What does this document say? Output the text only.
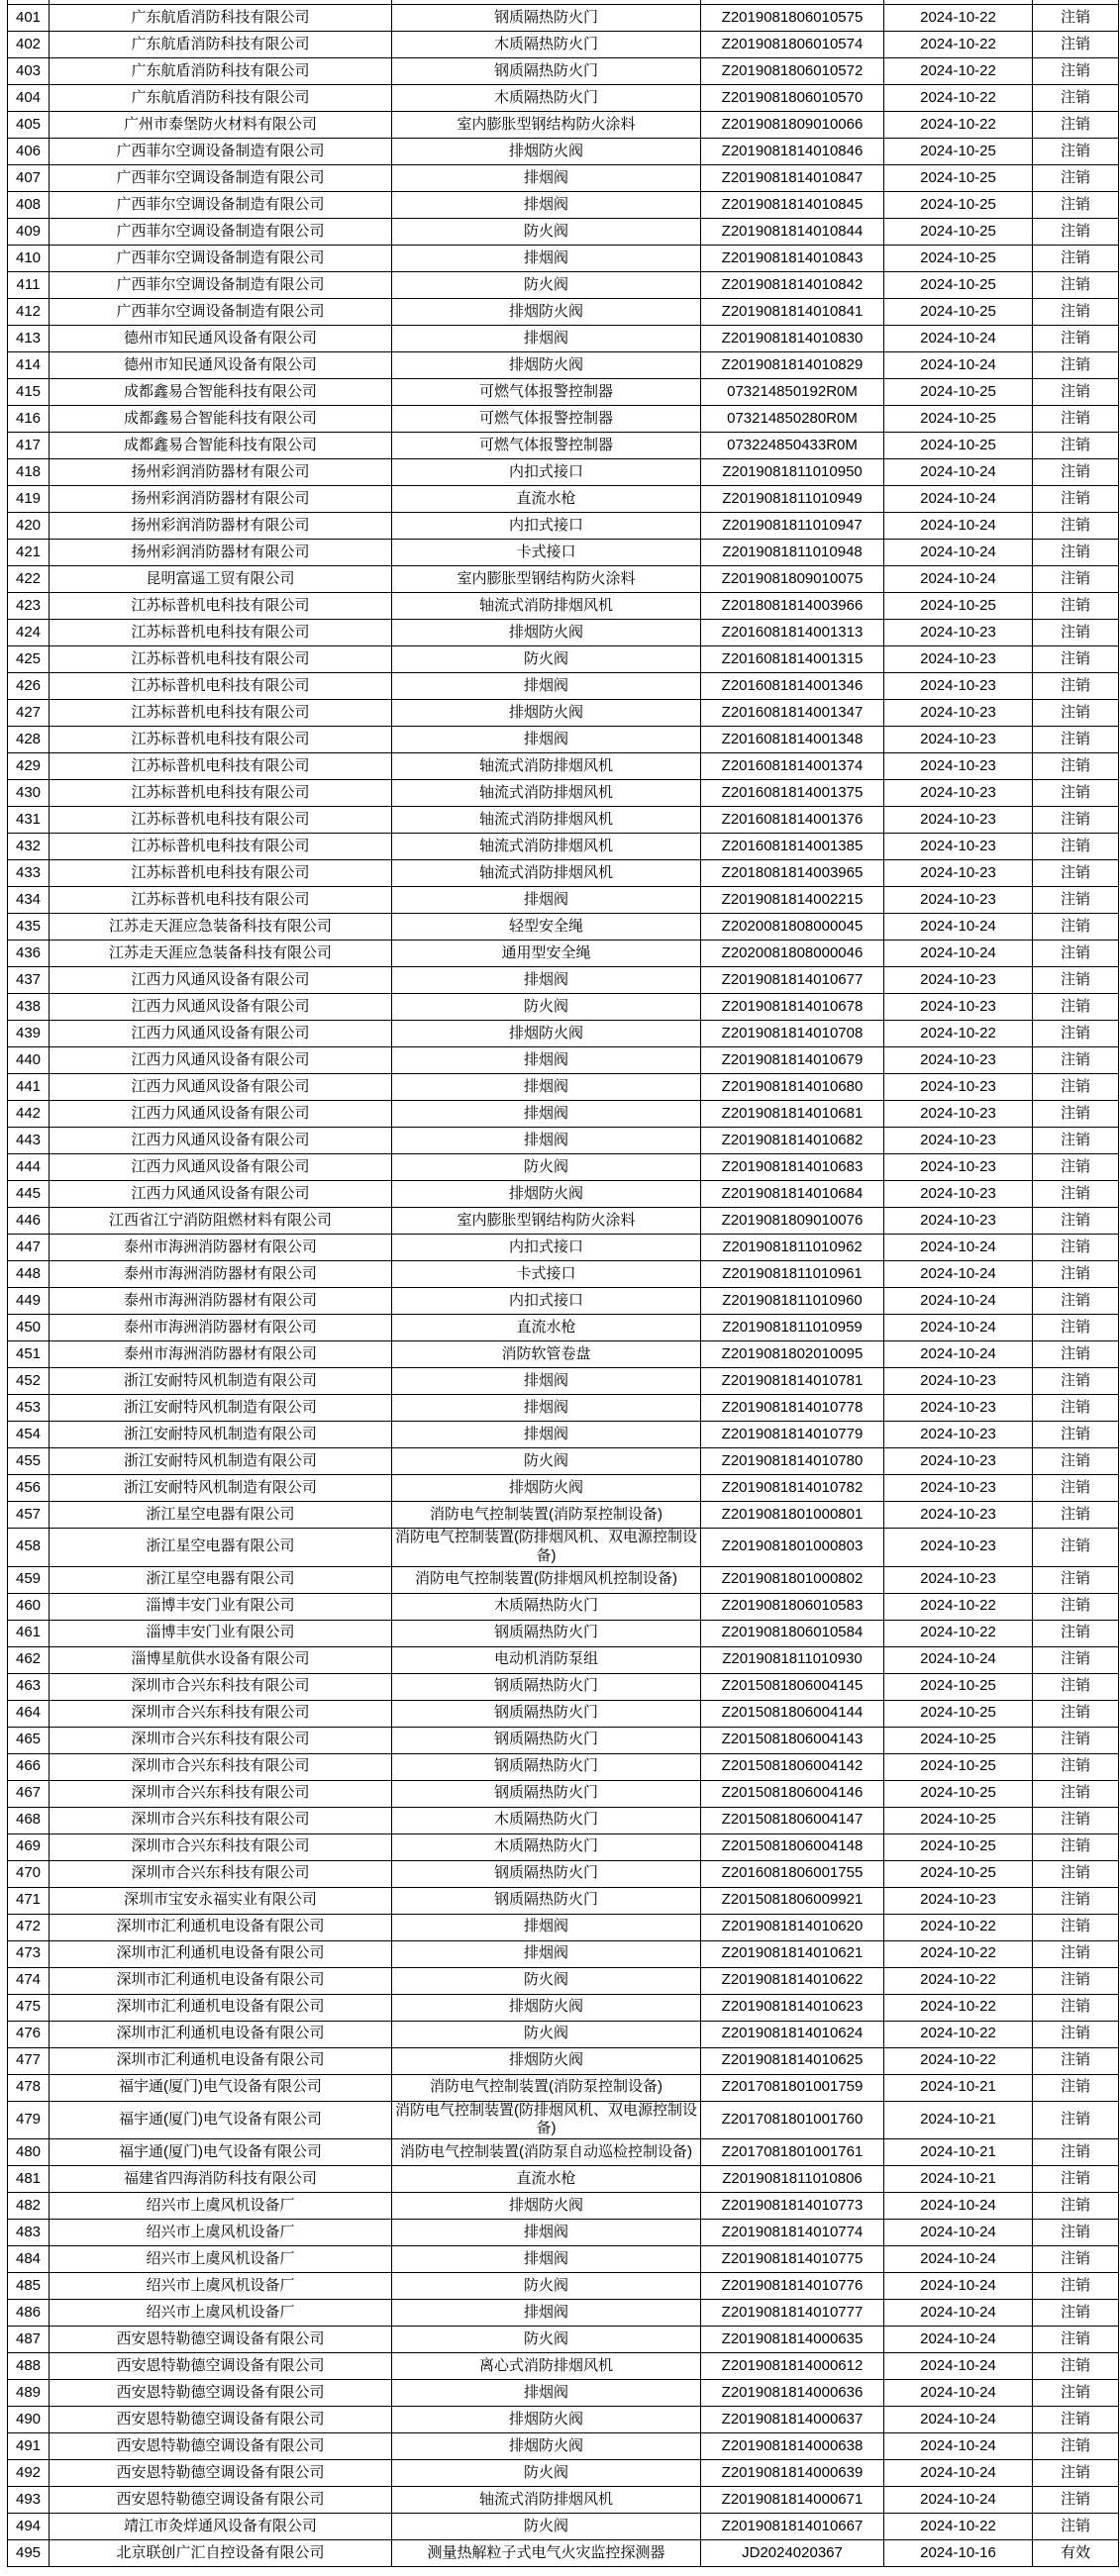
401	广东航盾消防科技有限公司	钢质隔热防火门	Z2019081806010575	2024-10-22	注销
402	广东航盾消防科技有限公司	木质隔热防火门	Z2019081806010574	2024-10-22	注销
403	广东航盾消防科技有限公司	钢质隔热防火门	Z2019081806010572	2024-10-22	注销
404	广东航盾消防科技有限公司	木质隔热防火门	Z2019081806010570	2024-10-22	注销
405	广州市泰堡防火材料有限公司	室内膨胀型钢结构防火涂料	Z2019081809010066	2024-10-22	注销
406	广西菲尔空调设备制造有限公司	排烟防火阀	Z2019081814010846	2024-10-25	注销
407	广西菲尔空调设备制造有限公司	排烟阀	Z2019081814010847	2024-10-25	注销
408	广西菲尔空调设备制造有限公司	排烟阀	Z2019081814010845	2024-10-25	注销
409	广西菲尔空调设备制造有限公司	防火阀	Z2019081814010844	2024-10-25	注销
410	广西菲尔空调设备制造有限公司	排烟阀	Z2019081814010843	2024-10-25	注销
411	广西菲尔空调设备制造有限公司	防火阀	Z2019081814010842	2024-10-25	注销
412	广西菲尔空调设备制造有限公司	排烟防火阀	Z2019081814010841	2024-10-25	注销
413	德州市知民通风设备有限公司	排烟阀	Z2019081814010830	2024-10-24	注销
414	德州市知民通风设备有限公司	排烟防火阀	Z2019081814010829	2024-10-24	注销
415	成都鑫易合智能科技有限公司	可燃气体报警控制器	073214850192R0M	2024-10-25	注销
416	成都鑫易合智能科技有限公司	可燃气体报警控制器	073214850280R0M	2024-10-25	注销
417	成都鑫易合智能科技有限公司	可燃气体报警控制器	073224850433R0M	2024-10-25	注销
418	扬州彩润消防器材有限公司	内扣式接口	Z2019081811010950	2024-10-24	注销
419	扬州彩润消防器材有限公司	直流水枪	Z2019081811010949	2024-10-24	注销
420	扬州彩润消防器材有限公司	内扣式接口	Z2019081811010947	2024-10-24	注销
421	扬州彩润消防器材有限公司	卡式接口	Z2019081811010948	2024-10-24	注销
422	昆明富遥工贸有限公司	室内膨胀型钢结构防火涂料	Z2019081809010075	2024-10-24	注销
423	江苏标普机电科技有限公司	轴流式消防排烟风机	Z2018081814003966	2024-10-25	注销
424	江苏标普机电科技有限公司	排烟防火阀	Z2016081814001313	2024-10-23	注销
425	江苏标普机电科技有限公司	防火阀	Z2016081814001315	2024-10-23	注销
426	江苏标普机电科技有限公司	排烟阀	Z2016081814001346	2024-10-23	注销
427	江苏标普机电科技有限公司	排烟防火阀	Z2016081814001347	2024-10-23	注销
428	江苏标普机电科技有限公司	排烟阀	Z2016081814001348	2024-10-23	注销
429	江苏标普机电科技有限公司	轴流式消防排烟风机	Z2016081814001374	2024-10-23	注销
430	江苏标普机电科技有限公司	轴流式消防排烟风机	Z2016081814001375	2024-10-23	注销
431	江苏标普机电科技有限公司	轴流式消防排烟风机	Z2016081814001376	2024-10-23	注销
432	江苏标普机电科技有限公司	轴流式消防排烟风机	Z2016081814001385	2024-10-23	注销
433	江苏标普机电科技有限公司	轴流式消防排烟风机	Z2018081814003965	2024-10-23	注销
434	江苏标普机电科技有限公司	排烟阀	Z2019081814002215	2024-10-23	注销
435	江苏走天涯应急装备科技有限公司	轻型安全绳	Z2020081808000045	2024-10-24	注销
436	江苏走天涯应急装备科技有限公司	通用型安全绳	Z2020081808000046	2024-10-24	注销
437	江西力风通风设备有限公司	排烟阀	Z2019081814010677	2024-10-23	注销
438	江西力风通风设备有限公司	防火阀	Z2019081814010678	2024-10-23	注销
439	江西力风通风设备有限公司	排烟防火阀	Z2019081814010708	2024-10-22	注销
440	江西力风通风设备有限公司	排烟阀	Z2019081814010679	2024-10-23	注销
441	江西力风通风设备有限公司	排烟阀	Z2019081814010680	2024-10-23	注销
442	江西力风通风设备有限公司	排烟阀	Z2019081814010681	2024-10-23	注销
443	江西力风通风设备有限公司	排烟阀	Z2019081814010682	2024-10-23	注销
444	江西力风通风设备有限公司	防火阀	Z2019081814010683	2024-10-23	注销
445	江西力风通风设备有限公司	排烟防火阀	Z2019081814010684	2024-10-23	注销
446	江西省江宁消防阻燃材料有限公司	室内膨胀型钢结构防火涂料	Z2019081809010076	2024-10-23	注销
447	泰州市海洲消防器材有限公司	内扣式接口	Z2019081811010962	2024-10-24	注销
448	泰州市海洲消防器材有限公司	卡式接口	Z2019081811010961	2024-10-24	注销
449	泰州市海洲消防器材有限公司	内扣式接口	Z2019081811010960	2024-10-24	注销
450	泰州市海洲消防器材有限公司	直流水枪	Z2019081811010959	2024-10-24	注销
451	泰州市海洲消防器材有限公司	消防软管卷盘	Z2019081802010095	2024-10-24	注销
452	浙江安耐特风机制造有限公司	排烟阀	Z2019081814010781	2024-10-23	注销
453	浙江安耐特风机制造有限公司	排烟阀	Z2019081814010778	2024-10-23	注销
454	浙江安耐特风机制造有限公司	排烟阀	Z2019081814010779	2024-10-23	注销
455	浙江安耐特风机制造有限公司	防火阀	Z2019081814010780	2024-10-23	注销
456	浙江安耐特风机制造有限公司	排烟防火阀	Z2019081814010782	2024-10-23	注销
457	浙江星空电器有限公司	消防电气控制装置(消防泵控制设备)	Z2019081801000801	2024-10-23	注销
458	浙江星空电器有限公司	消防电气控制装置(防排烟风机、双电源控制设备)	Z2019081801000803	2024-10-23	注销
459	浙江星空电器有限公司	消防电气控制装置(防排烟风机控制设备)	Z2019081801000802	2024-10-23	注销
460	淄博丰安门业有限公司	木质隔热防火门	Z2019081806010583	2024-10-22	注销
461	淄博丰安门业有限公司	钢质隔热防火门	Z2019081806010584	2024-10-22	注销
462	淄博星航供水设备有限公司	电动机消防泵组	Z2019081811010930	2024-10-24	注销
463	深圳市合兴东科技有限公司	钢质隔热防火门	Z2015081806004145	2024-10-25	注销
464	深圳市合兴东科技有限公司	钢质隔热防火门	Z2015081806004144	2024-10-25	注销
465	深圳市合兴东科技有限公司	钢质隔热防火门	Z2015081806004143	2024-10-25	注销
466	深圳市合兴东科技有限公司	钢质隔热防火门	Z2015081806004142	2024-10-25	注销
467	深圳市合兴东科技有限公司	钢质隔热防火门	Z2015081806004146	2024-10-25	注销
468	深圳市合兴东科技有限公司	木质隔热防火门	Z2015081806004147	2024-10-25	注销
469	深圳市合兴东科技有限公司	木质隔热防火门	Z2015081806004148	2024-10-25	注销
470	深圳市合兴东科技有限公司	钢质隔热防火门	Z2016081806001755	2024-10-25	注销
471	深圳市宝安永福实业有限公司	钢质隔热防火门	Z2015081806009921	2024-10-23	注销
472	深圳市汇利通机电设备有限公司	排烟阀	Z2019081814010620	2024-10-22	注销
473	深圳市汇利通机电设备有限公司	排烟阀	Z2019081814010621	2024-10-22	注销
474	深圳市汇利通机电设备有限公司	防火阀	Z2019081814010622	2024-10-22	注销
475	深圳市汇利通机电设备有限公司	排烟防火阀	Z2019081814010623	2024-10-22	注销
476	深圳市汇利通机电设备有限公司	防火阀	Z2019081814010624	2024-10-22	注销
477	深圳市汇利通机电设备有限公司	排烟防火阀	Z2019081814010625	2024-10-22	注销
478	福宇通(厦门)电气设备有限公司	消防电气控制装置(消防泵控制设备)	Z2017081801001759	2024-10-21	注销
479	福宇通(厦门)电气设备有限公司	消防电气控制装置(防排烟风机、双电源控制设备)	Z2017081801001760	2024-10-21	注销
480	福宇通(厦门)电气设备有限公司	消防电气控制装置(消防泵自动巡检控制设备)	Z2017081801001761	2024-10-21	注销
481	福建省四海消防科技有限公司	直流水枪	Z2019081811010806	2024-10-21	注销
482	绍兴市上虞风机设备厂	排烟防火阀	Z2019081814010773	2024-10-24	注销
483	绍兴市上虞风机设备厂	排烟阀	Z2019081814010774	2024-10-24	注销
484	绍兴市上虞风机设备厂	排烟阀	Z2019081814010775	2024-10-24	注销
485	绍兴市上虞风机设备厂	防火阀	Z2019081814010776	2024-10-24	注销
486	绍兴市上虞风机设备厂	排烟阀	Z2019081814010777	2024-10-24	注销
487	西安恩特勒德空调设备有限公司	防火阀	Z2019081814000635	2024-10-24	注销
488	西安恩特勒德空调设备有限公司	离心式消防排烟风机	Z2019081814000612	2024-10-24	注销
489	西安恩特勒德空调设备有限公司	排烟阀	Z2019081814000636	2024-10-24	注销
490	西安恩特勒德空调设备有限公司	排烟防火阀	Z2019081814000637	2024-10-24	注销
491	西安恩特勒德空调设备有限公司	排烟防火阀	Z2019081814000638	2024-10-24	注销
492	西安恩特勒德空调设备有限公司	防火阀	Z2019081814000639	2024-10-24	注销
493	西安恩特勒德空调设备有限公司	轴流式消防排烟风机	Z2019081814000671	2024-10-24	注销
494	靖江市灸烊通风设备有限公司	防火阀	Z2019081814010667	2024-10-22	注销
495	北京联创广汇自控设备有限公司	测量热解粒子式电气火灾监控探测器	JD2024020367	2024-10-16	有效
